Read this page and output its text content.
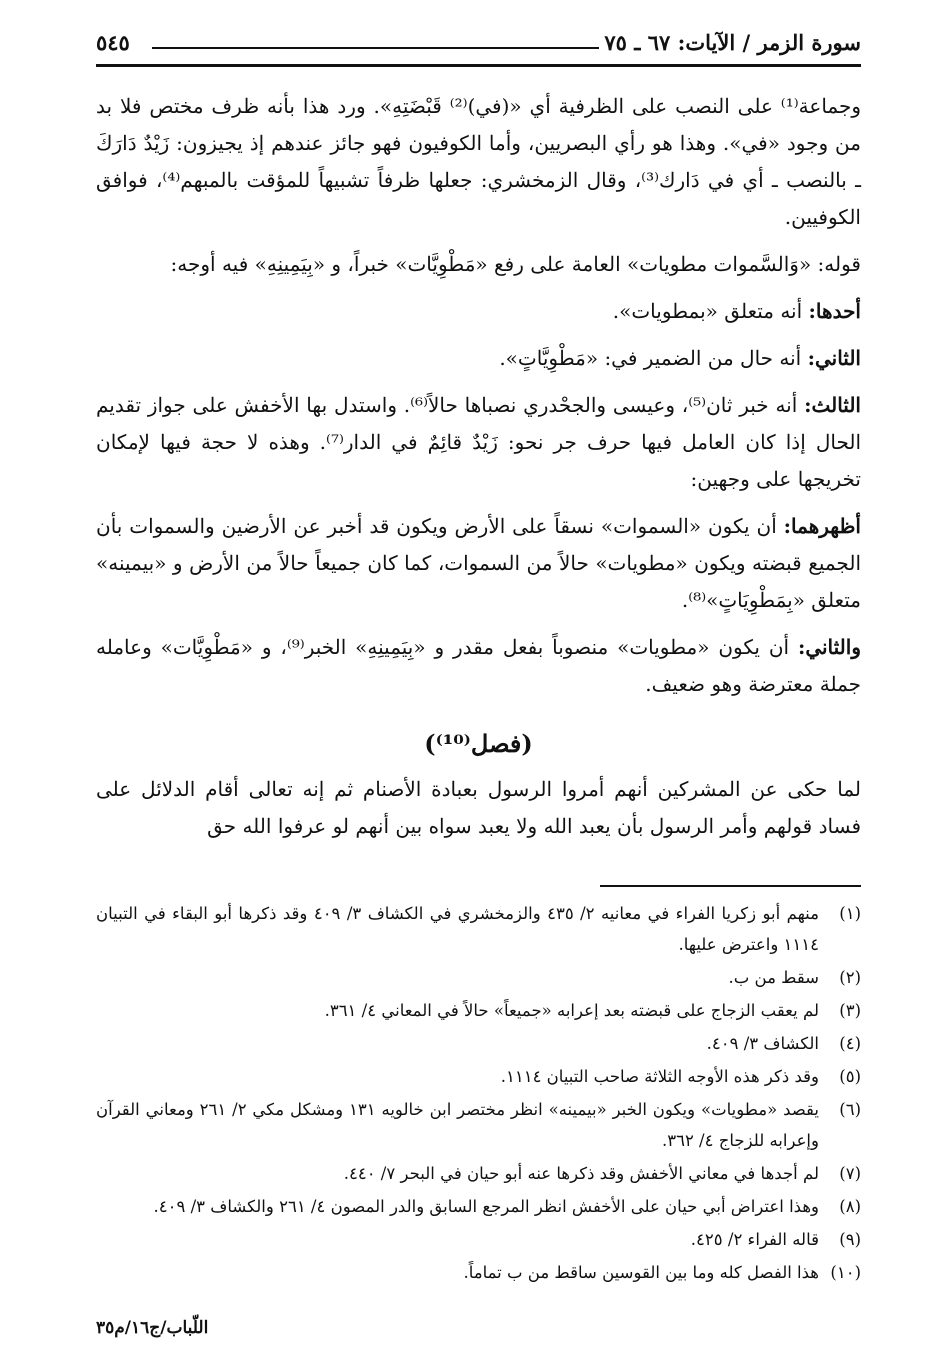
سورة الزمر / الآيات: ٦٧ ـ ٧٥
٥٤٥

وجماعة⁽¹⁾ على النصب على الظرفية أي «(في)⁽²⁾ قَبْضَتِهِ». ورد هذا بأنه ظرف مختص فلا بد من وجود «في». وهذا هو رأي البصريين، وأما الكوفيون فهو جائز عندهم إذ يجيزون: زَيْدٌ دَارَكَ ـ بالنصب ـ أي في دَارك⁽³⁾، وقال الزمخشري: جعلها ظرفاً تشبيهاً للمؤقت بالمبهم⁽⁴⁾، فوافق الكوفيين.

قوله: «وَالسَّموات مطويات» العامة على رفع «مَطْوِيَّات» خبراً، و «بِيَمِينِهِ» فيه أوجه:

أحدها: أنه متعلق «بمطويات».

الثاني: أنه حال من الضمير في: «مَطْوِيَّاتٍ».

الثالث: أنه خبر ثان⁽⁵⁾، وعيسى والجحْدري نصباها حالاً⁽⁶⁾. واستدل بها الأخفش على جواز تقديم الحال إذا كان العامل فيها حرف جر نحو: زَيْدٌ قائِمٌ في الدار⁽⁷⁾. وهذه لا حجة فيها لإمكان تخريجها على وجهين:

أظهرهما: أن يكون «السموات» نسقاً على الأرض ويكون قد أخبر عن الأرضين والسموات بأن الجميع قبضته ويكون «مطويات» حالاً من السموات، كما كان جميعاً حالاً من الأرض و «بيمينه» متعلق «بِمَطْوِيَاتٍ»⁽⁸⁾.

والثاني: أن يكون «مطويات» منصوباً بفعل مقدر و «بِيَمِينِهِ» الخبر⁽⁹⁾، و «مَطْوِيَّات» وعامله جملة معترضة وهو ضعيف.

(فصل⁽¹⁰⁾)

لما حكى عن المشركين أنهم أمروا الرسول بعبادة الأصنام ثم إنه تعالى أقام الدلائل على فساد قولهم وأمر الرسول بأن يعبد الله ولا يعبد سواه بين أنهم لو عرفوا الله حق

(١)
منهم أبو زكريا الفراء في معانيه ٢/ ٤٣٥ والزمخشري في الكشاف ٣/ ٤٠٩ وقد ذكرها أبو البقاء في التبيان ١١١٤ واعترض عليها.
(٢)
سقط من ب.
(٣)
لم يعقب الزجاج على قبضته بعد إعرابه «جميعاً» حالاً في المعاني ٤/ ٣٦١.
(٤)
الكشاف ٣/ ٤٠٩.
(٥)
وقد ذكر هذه الأوجه الثلاثة صاحب التبيان ١١١٤.
(٦)
يقصد «مطويات» ويكون الخبر «بيمينه» انظر مختصر ابن خالويه ١٣١ ومشكل مكي ٢/ ٢٦١ ومعاني القرآن وإعرابه للزجاج ٤/ ٣٦٢.
(٧)
لم أجدها في معاني الأخفش وقد ذكرها عنه أبو حيان في البحر ٧/ ٤٤٠.
(٨)
وهذا اعتراض أبي حيان على الأخفش انظر المرجع السابق والدر المصون ٤/ ٢٦١ والكشاف ٣/ ٤٠٩.
(٩)
قاله الفراء ٢/ ٤٢٥.
(١٠)
هذا الفصل كله وما بين القوسين ساقط من ب تماماً.
اللّباب/ج١٦/م٣٥
